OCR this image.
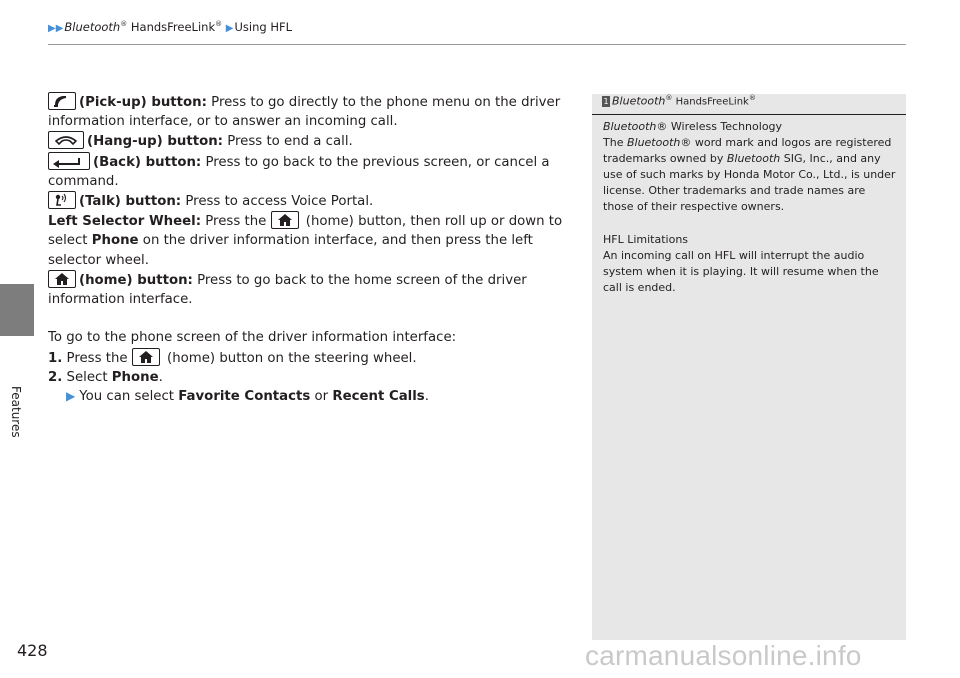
▶▶Bluetooth® HandsFreeLink® ▶Using HFL
Features

(Pick-up) button: Press to go directly to the phone menu on the driver information interface, or to answer an incoming call.

(Hang-up) button: Press to end a call.

(Back) button: Press to go back to the previous screen, or cancel a command.

(Talk) button: Press to access Voice Portal.

Left Selector Wheel: Press the
(home) button, then roll up or down to select Phone on the driver information interface, and then press the left selector wheel.

(home) button: Press to go back to the home screen of the driver information interface.

To go to the phone screen of the driver information interface:

1. Press the
(home) button on the steering wheel.

2. Select Phone.

▶ You can select Favorite Contacts or Recent Calls.

1 Bluetooth® HandsFreeLink®

Bluetooth® Wireless Technology

The Bluetooth® word mark and logos are registered trademarks owned by Bluetooth SIG, Inc., and any use of such marks by Honda Motor Co., Ltd., is under license. Other trademarks and trade names are those of their respective owners.

HFL Limitations

An incoming call on HFL will interrupt the audio system when it is playing. It will resume when the call is ended.

428	carmanualsonline.info
